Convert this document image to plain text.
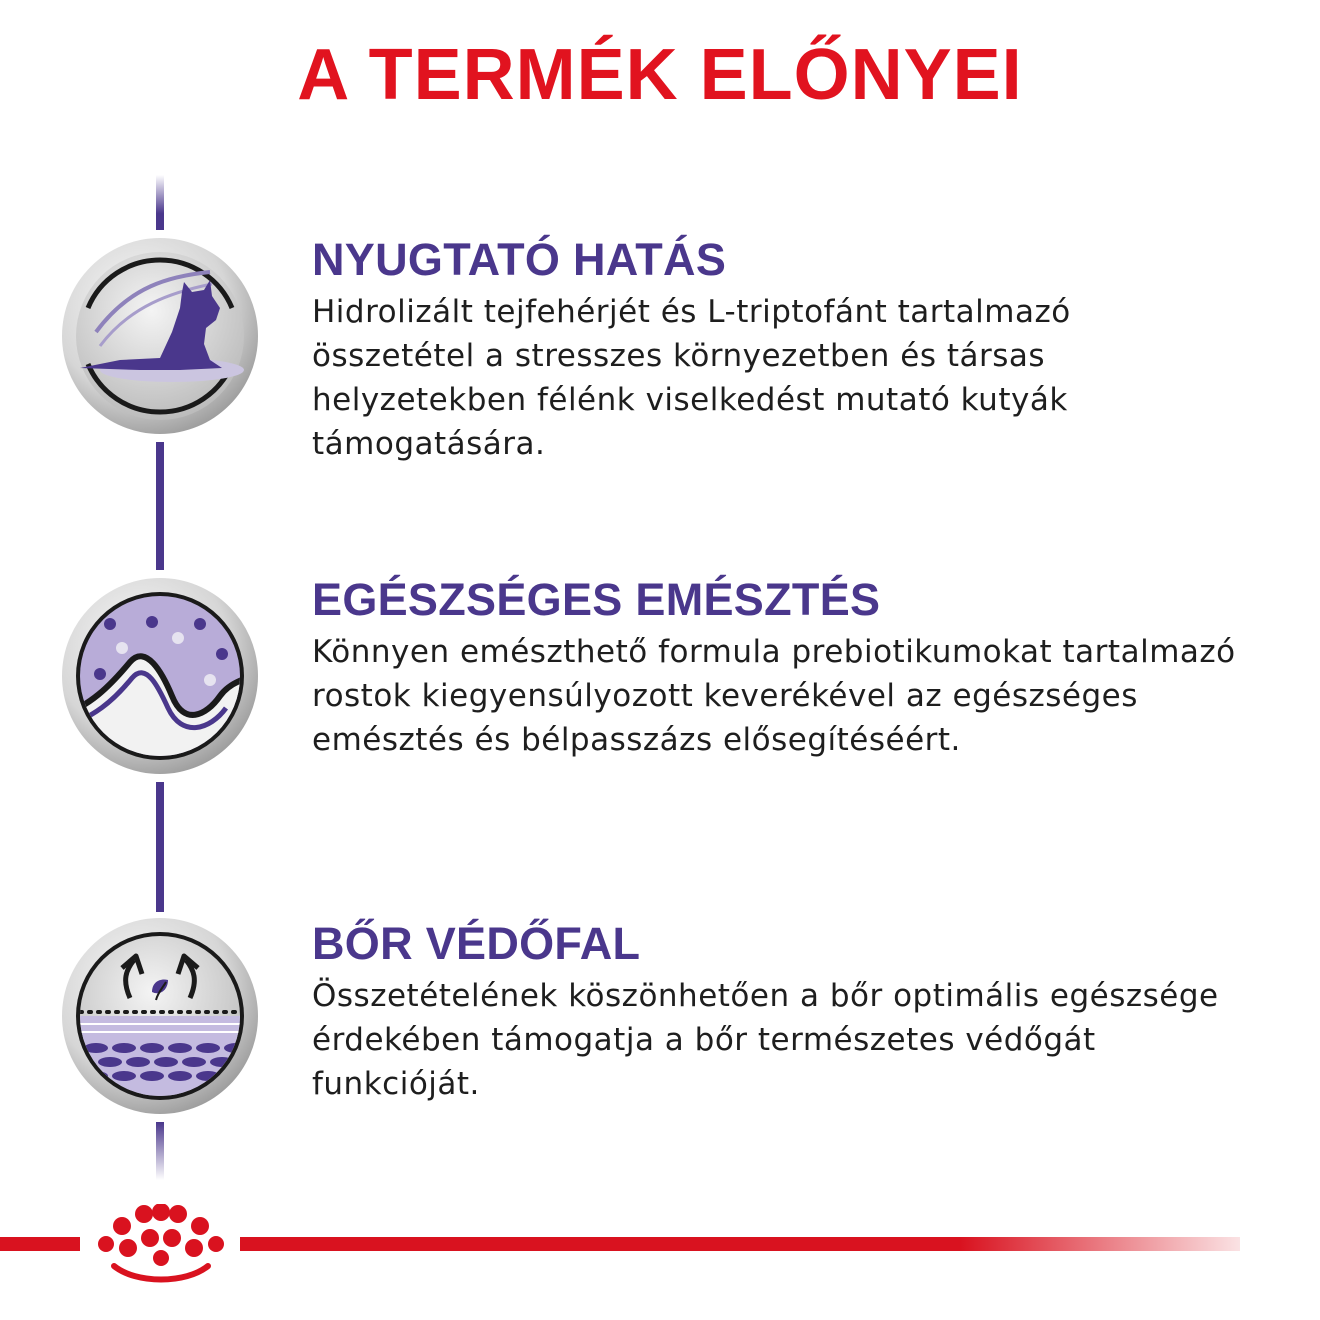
A TERMÉK ELŐNYEI
NYUGTATÓ HATÁS

Hidrolizált tejfehérjét és L-triptofánt tartalmazó összetétel a stresszes környezetben és társas helyzetekben félénk viselkedést mutató kutyák támogatására.

EGÉSZSÉGES EMÉSZTÉS

Könnyen emészthető formula prebiotikumokat tartalmazó rostok kiegyensúlyozott keverékével az egészséges emésztés és bélpasszázs elősegítéséért.

BŐR VÉDŐFAL

Összetételének köszönhetően a bőr optimális egészsége érdekében támogatja a bőr természetes védőgát funkcióját.
